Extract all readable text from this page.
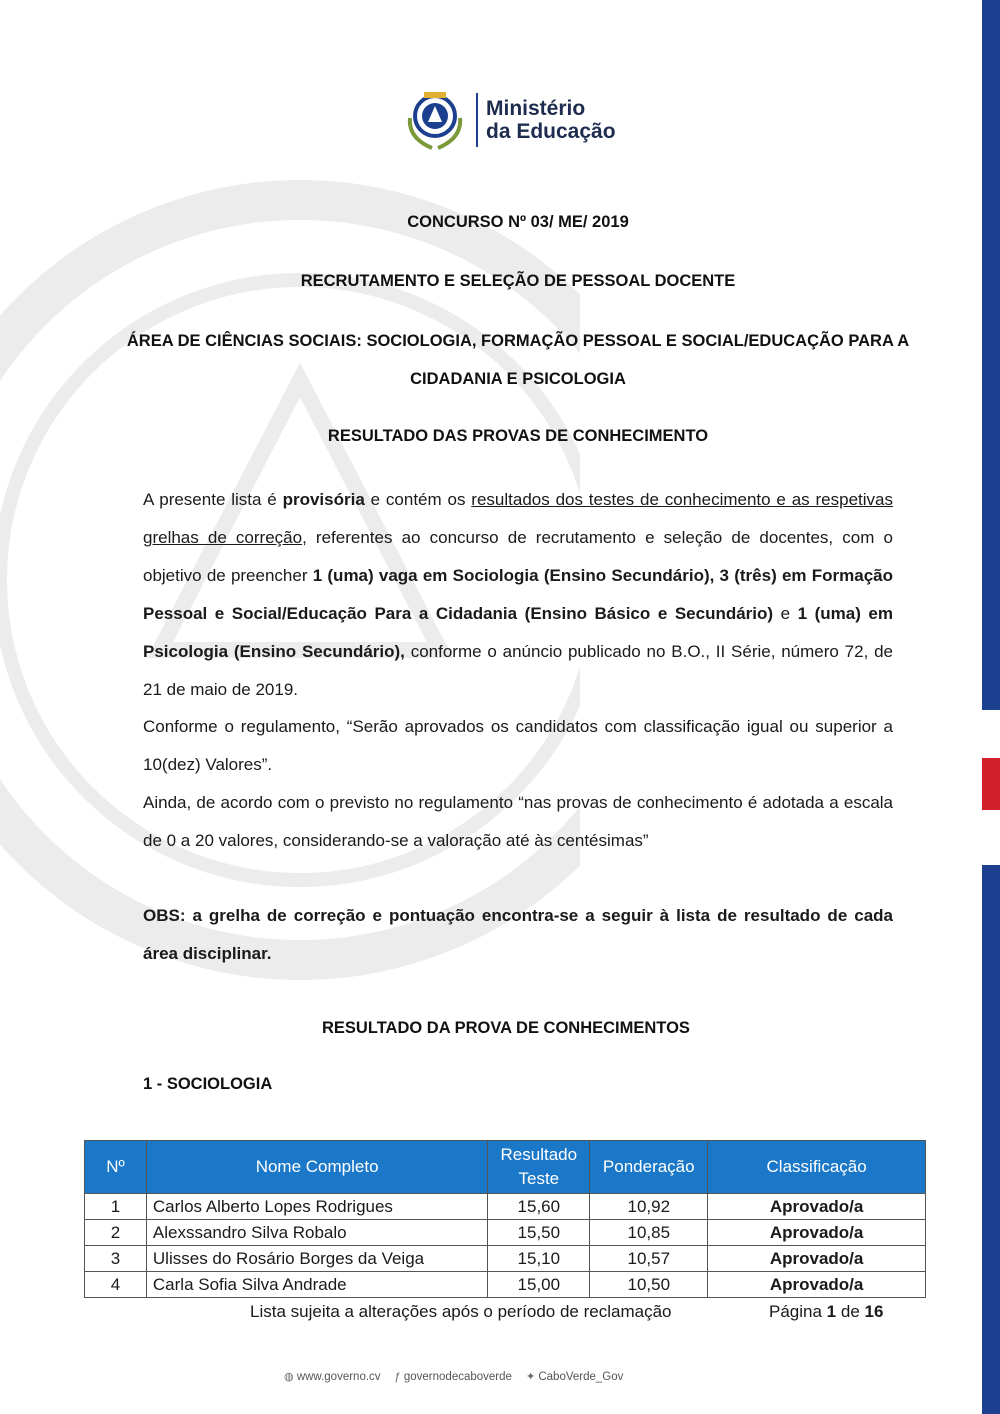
Ministério
da Educação
CONCURSO Nº 03/ ME/ 2019
RECRUTAMENTO E SELEÇÃO DE PESSOAL DOCENTE
ÁREA DE CIÊNCIAS SOCIAIS: SOCIOLOGIA, FORMAÇÃO PESSOAL E SOCIAL/EDUCAÇÃO PARA A CIDADANIA E PSICOLOGIA
RESULTADO DAS PROVAS DE CONHECIMENTO
A presente lista é provisória e contém os resultados dos testes de conhecimento e as respetivas grelhas de correção, referentes ao concurso de recrutamento e seleção de docentes, com o objetivo de preencher 1 (uma) vaga em Sociologia (Ensino Secundário), 3 (três) em Formação Pessoal e Social/Educação Para a Cidadania (Ensino Básico e Secundário) e 1 (uma) em Psicologia (Ensino Secundário), conforme o anúncio publicado no B.O., II Série, número 72, de 21 de maio de 2019.
Conforme o regulamento, “Serão aprovados os candidatos com classificação igual ou superior a 10(dez) Valores”.
Ainda, de acordo com o previsto no regulamento “nas provas de conhecimento é adotada a escala de 0 a 20 valores, considerando-se a valoração até às centésimas”
OBS: a grelha de correção e pontuação encontra-se a seguir à lista de resultado de cada área disciplinar.
RESULTADO DA PROVA DE CONHECIMENTOS
1 - SOCIOLOGIA
Nº	Nome Completo	Resultado Teste	Ponderação	Classificação
1	Carlos Alberto Lopes Rodrigues	15,60	10,92	Aprovado/a
2	Alexssandro Silva Robalo	15,50	10,85	Aprovado/a
3	Ulisses do Rosário Borges da Veiga	15,10	10,57	Aprovado/a
4	Carla Sofia Silva Andrade	15,00	10,50	Aprovado/a
Lista sujeita a alterações após o período de reclamação	Página 1 de 16
◍ www.governo.cv ƒ governodecaboverde ✦ CaboVerde_Gov
